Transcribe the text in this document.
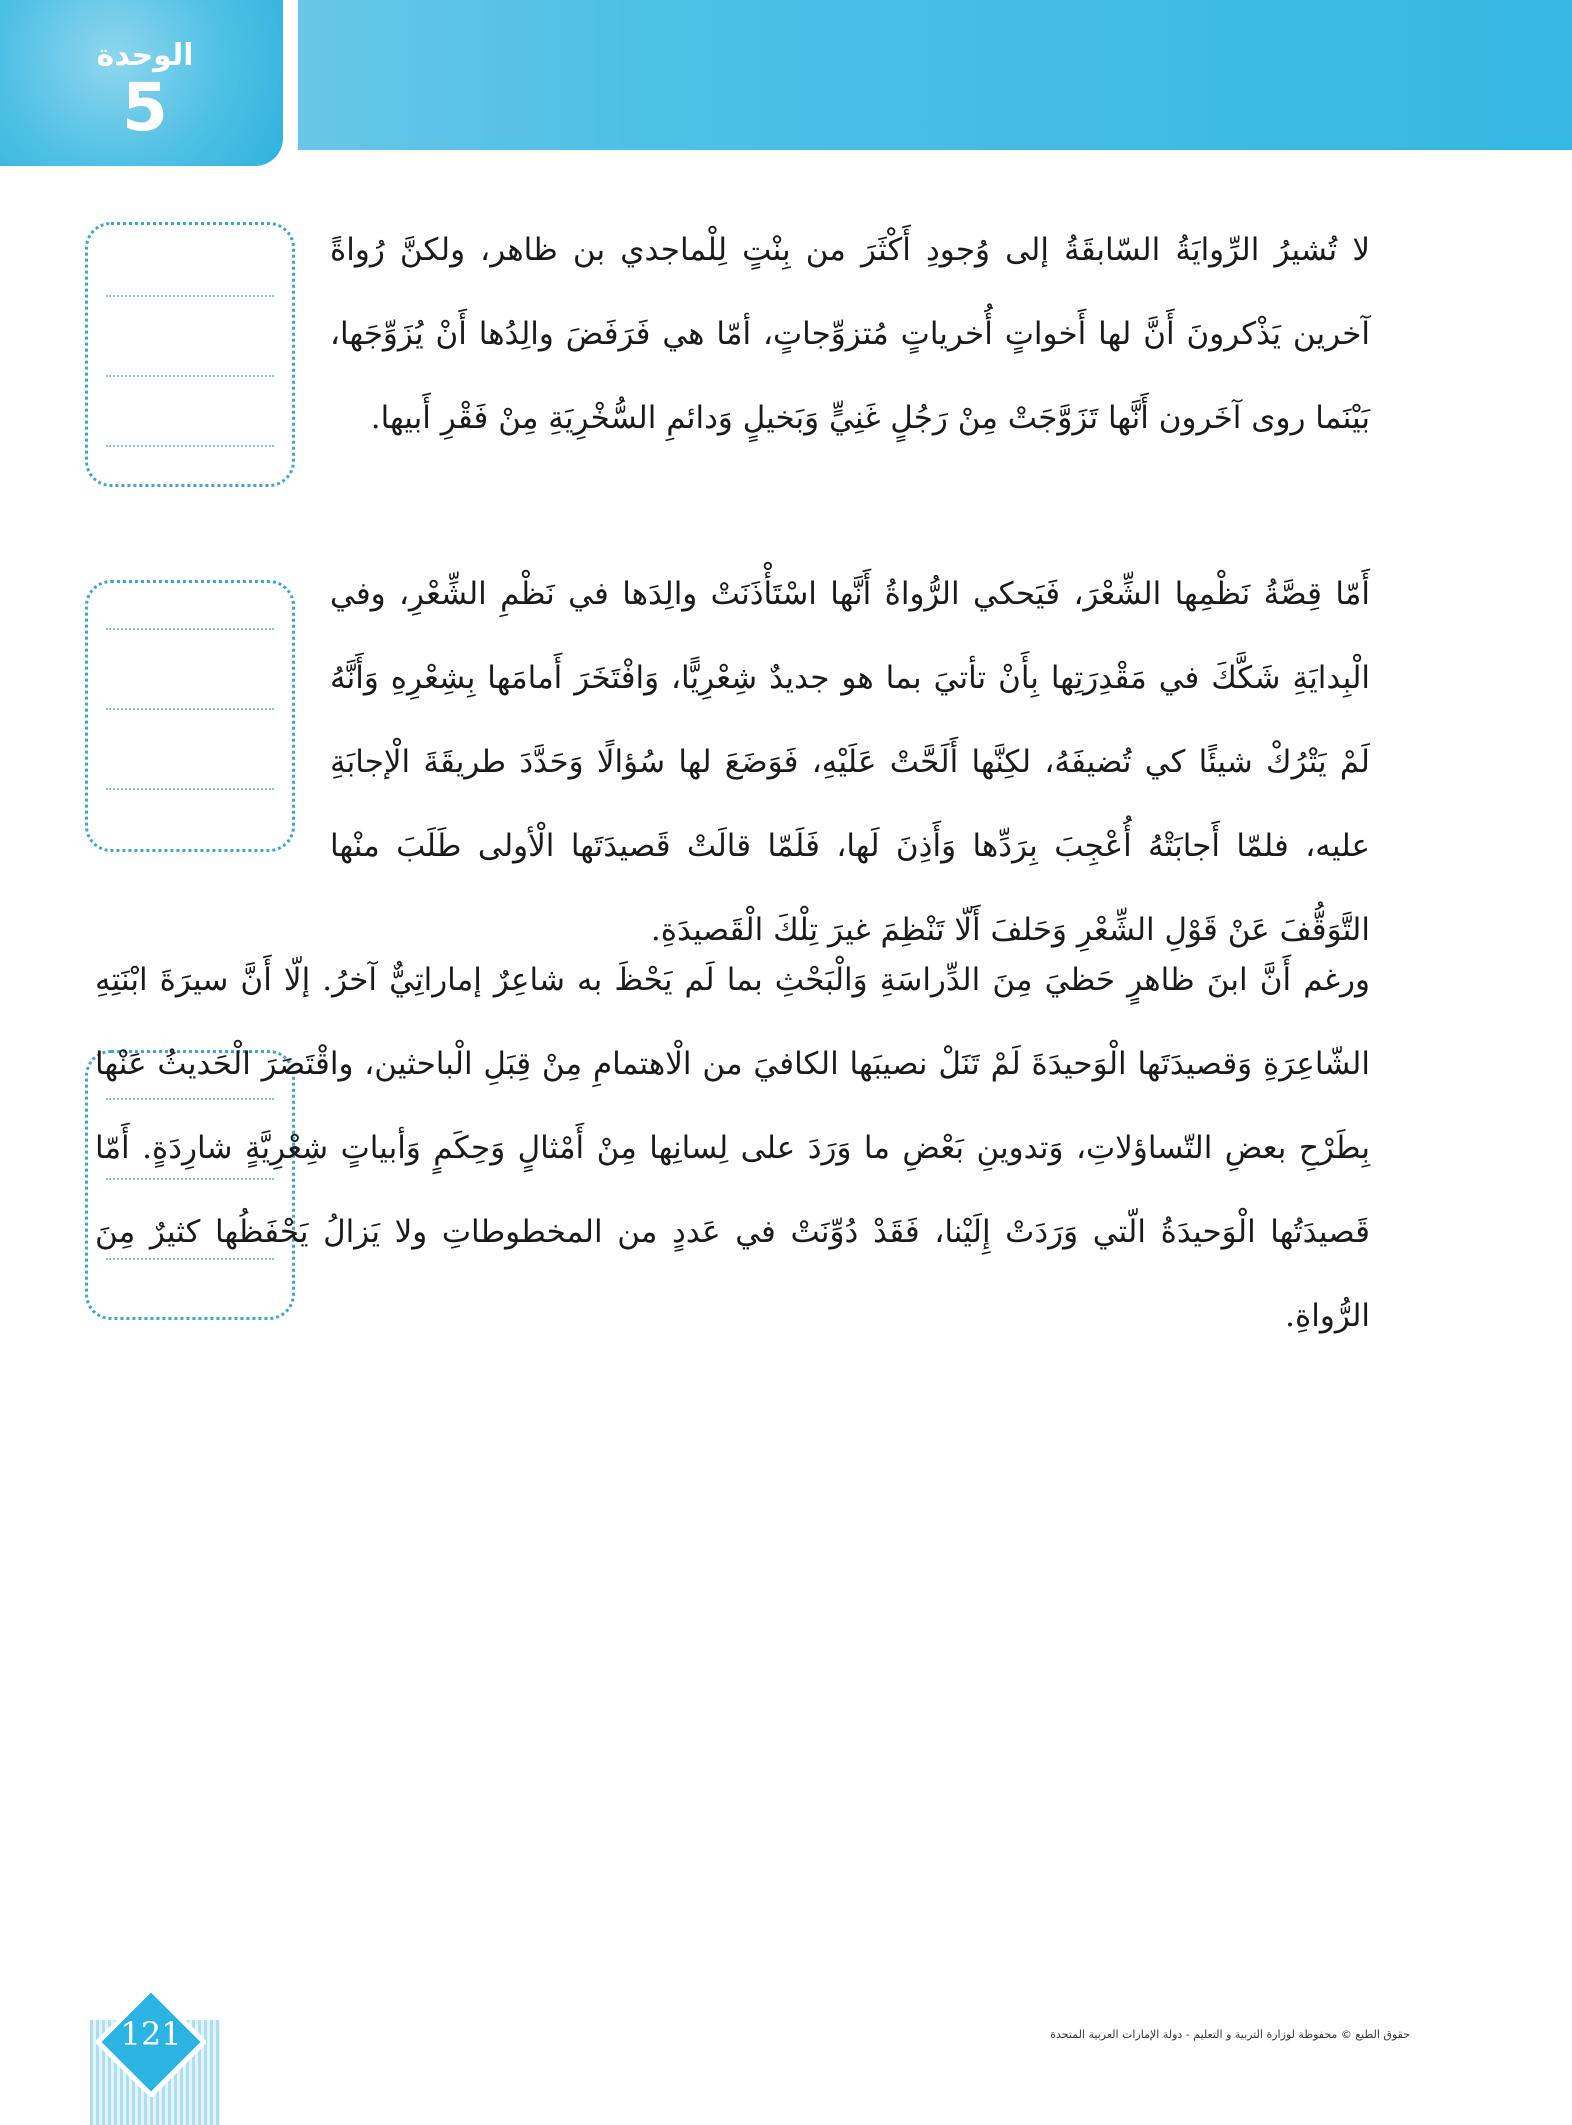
الوحدة
5
لا تُشيرُ الرِّوايَةُ السّابقَةُ إلى وُجودِ أَكْثَرَ من بِنْتٍ لِلْماجدي بن ظاهر، ولكنَّ رُواةً آخرين يَذْكرونَ أَنَّ لها أَخواتٍ أُخرياتٍ مُتزوِّجاتٍ، أمّا هي فَرَفَضَ والِدُها أَنْ يُزَوِّجَها، بَيْنَما روى آخَرون أَنَّها تَزَوَّجَتْ مِنْ رَجُلٍ غَنِيٍّ وَبَخيلٍ وَدائمِ السُّخْرِيَةِ مِنْ فَقْرِ أَبيها.
أَمّا قِصَّةُ نَظْمِها الشِّعْرَ، فَيَحكي الرُّواةُ أَنَّها اسْتَأْذَنَتْ والِدَها في نَظْمِ الشِّعْرِ، وفي الْبِدايَةِ شَكَّكَ في مَقْدِرَتِها بِأَنْ تأتيَ بما هو جديدٌ شِعْرِيًّا، وَافْتَخَرَ أَمامَها بِشِعْرِهِ وَأَنَّهُ لَمْ يَتْرُكْ شيئًا كي تُضيفَهُ، لكِنَّها أَلَحَّتْ عَلَيْهِ، فَوَضَعَ لها سُؤالًا وَحَدَّدَ طريقَةَ الْإجابَةِ عليه، فلمّا أَجابَتْهُ أُعْجِبَ بِرَدِّها وَأَذِنَ لَها، فَلَمّا قالَتْ قَصيدَتَها الْأولى طَلَبَ منْها التَّوَقُّفَ عَنْ قَوْلِ الشِّعْرِ وَحَلفَ أَلّا تَنْظِمَ غيرَ تِلْكَ الْقَصيدَةِ.
ورغم أَنَّ ابنَ ظاهرٍ حَظيَ مِنَ الدِّراسَةِ وَالْبَحْثِ بما لَم يَحْظَ به شاعِرٌ إماراتِيٌّ آخرُ. إلّا أَنَّ سيرَةَ ابْنَتِهِ الشّاعِرَةِ وَقصيدَتَها الْوَحيدَةَ لَمْ تَنَلْ نصيبَها الكافيَ من الْاهتمامِ مِنْ قِبَلِ الْباحثين، واقْتَصَرَ الْحَديثُ عَنْها بِطَرْحِ بعضِ التّساؤلاتِ، وَتدوينِ بَعْضِ ما وَرَدَ على لِسانِها مِنْ أَمْثالٍ وَحِكَمٍ وَأبياتٍ شِعْرِيَّةٍ شارِدَةٍ. أَمّا قَصيدَتُها الْوَحيدَةُ الّتي وَرَدَتْ إِلَيْنا، فَقَدْ دُوِّنَتْ في عَددٍ من المخطوطاتِ ولا يَزالُ يَحْفَظُها كثيرٌ مِنَ الرُّواةِ.
121	حقوق الطبع © محفوظة لوزارة التربية و التعليم - دولة الإمارات العربية المتحدة
